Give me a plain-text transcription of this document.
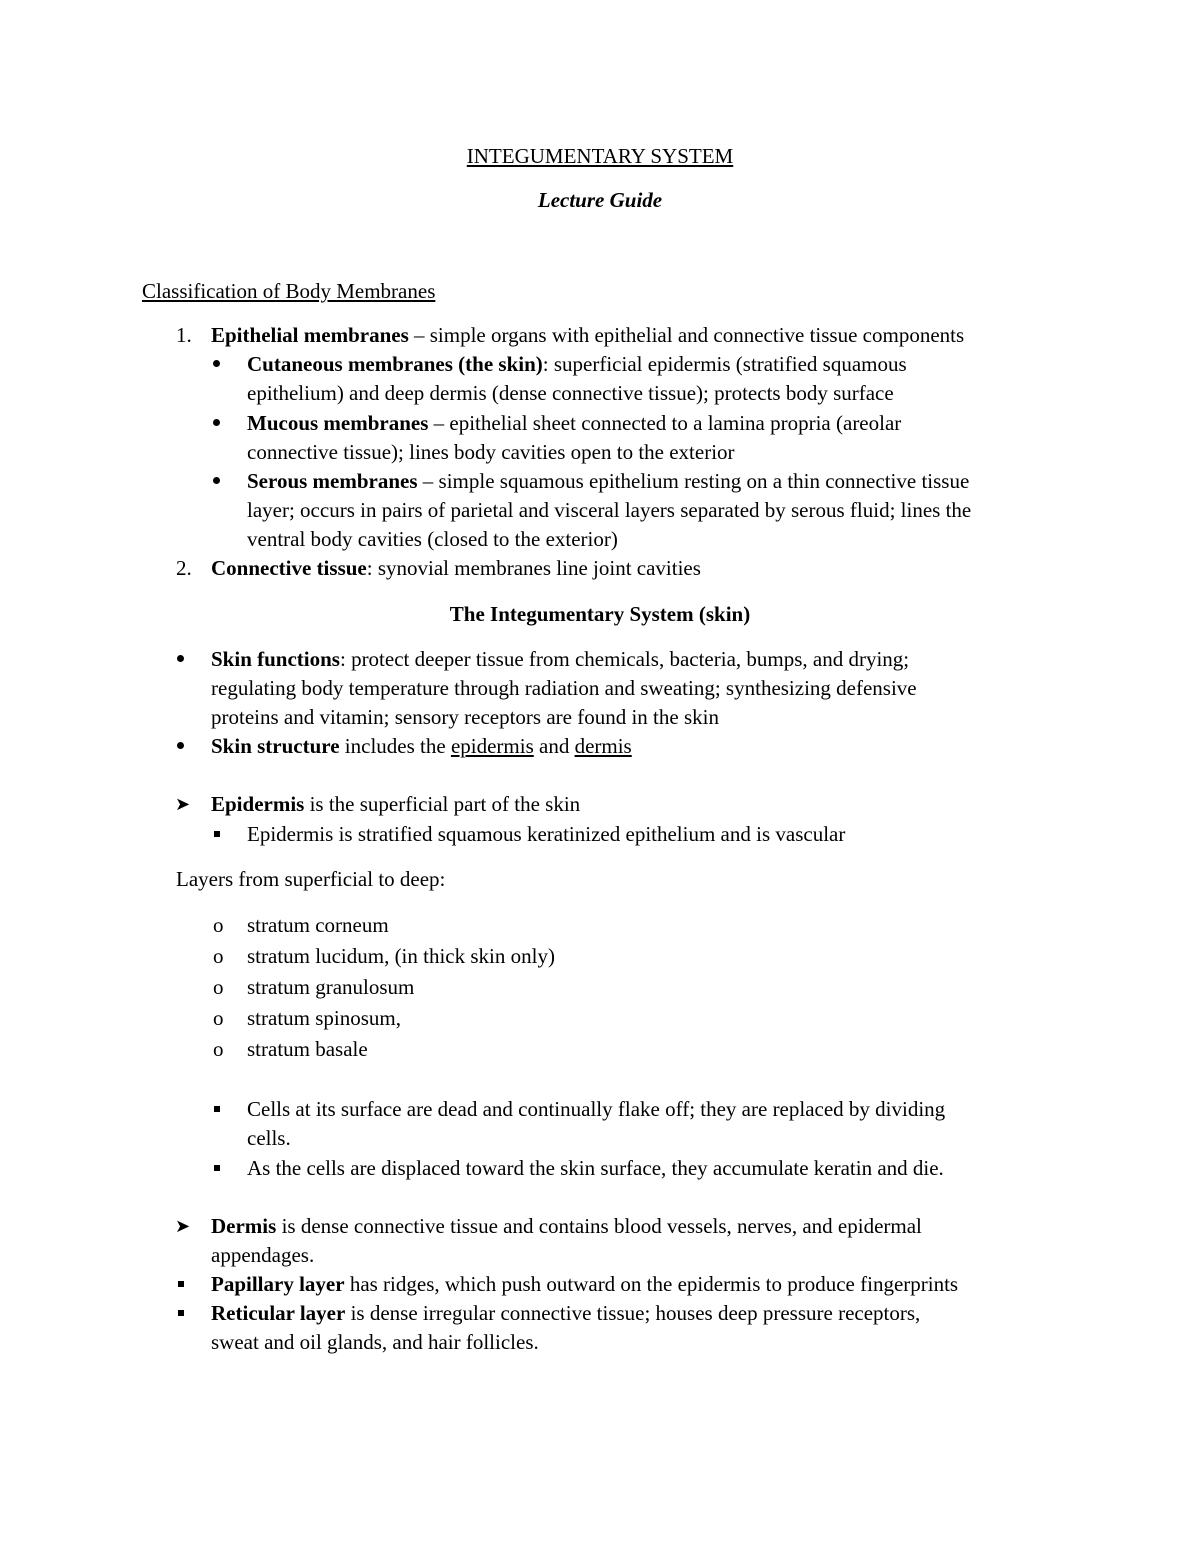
INTEGUMENTARY SYSTEM
Lecture Guide
Classification of Body Membranes
1. Epithelial membranes – simple organs with epithelial and connective tissue components
Cutaneous membranes (the skin): superficial epidermis (stratified squamous
epithelium) and deep dermis (dense connective tissue); protects body surface
Mucous membranes – epithelial sheet connected to a lamina propria (areolar
connective tissue); lines body cavities open to the exterior
Serous membranes – simple squamous epithelium resting on a thin connective tissue
layer; occurs in pairs of parietal and visceral layers separated by serous fluid; lines the
ventral body cavities (closed to the exterior)
2. Connective tissue: synovial membranes line joint cavities
The Integumentary System (skin)
Skin functions: protect deeper tissue from chemicals, bacteria, bumps, and drying;
regulating body temperature through radiation and sweating; synthesizing defensive
proteins and vitamin; sensory receptors are found in the skin
Skin structure includes the epidermis and dermis
➤ Epidermis is the superficial part of the skin
Epidermis is stratified squamous keratinized epithelium and is vascular
Layers from superficial to deep:
o stratum corneum
o stratum lucidum, (in thick skin only)
o stratum granulosum
o stratum spinosum,
o stratum basale
Cells at its surface are dead and continually flake off; they are replaced by dividing
cells.
As the cells are displaced toward the skin surface, they accumulate keratin and die.
➤ Dermis is dense connective tissue and contains blood vessels, nerves, and epidermal
appendages.
Papillary layer has ridges, which push outward on the epidermis to produce fingerprints
Reticular layer is dense irregular connective tissue; houses deep pressure receptors,
sweat and oil glands, and hair follicles.
